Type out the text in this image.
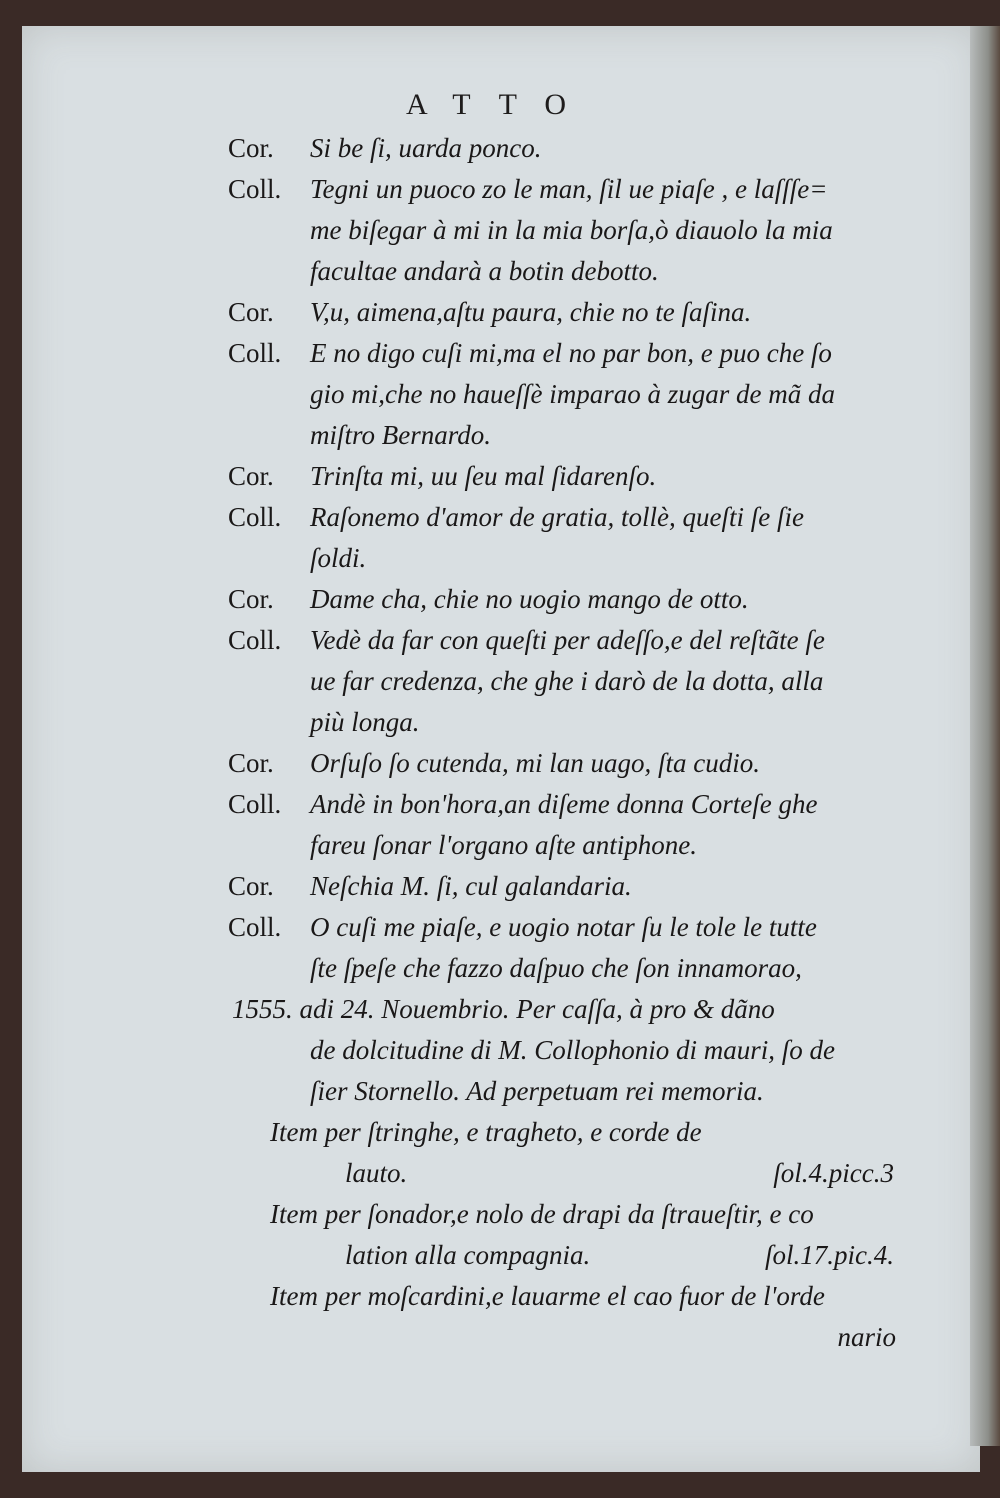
ATTO
Cor. Si be ſi, uarda ponco.
Coll. Tegni un puoco zo le man, ſil ue piaſe , e laſſſe=
me biſegar à mi in la mia borſa,ò diauolo la mia
facultae andarà a botin debotto.
Cor. V,u, aimena,aſtu paura, chie no te ſaſina.
Coll. E no digo cuſi mi,ma el no par bon, e puo che ſo
gio mi,che no haueſſè imparao à zugar de mã da
miſtro Bernardo.
Cor. Trinſta mi, uu ſeu mal ſidarenſo.
Coll. Raſonemo d'amor de gratia, tollè, queſti ſe ſie
ſoldi.
Cor. Dame cha, chie no uogio mango de otto.
Coll. Vedè da far con queſti per adeſſo,e del reſtãte ſe
ue far credenza, che ghe i darò de la dotta, alla
più longa.
Cor. Orſuſo ſo cutenda, mi lan uago, ſta cudio.
Coll. Andè in bon'hora,an diſeme donna Corteſe ghe
fareu ſonar l'organo aſte antiphone.
Cor. Neſchia M. ſi, cul galandaria.
Coll. O cuſi me piaſe, e uogio notar ſu le tole le tutte
ſte ſpeſe che fazzo daſpuo che ſon innamorao,
1555. adi 24. Nouembrio. Per caſſa, à pro & dãno
de dolcitudine di M. Collophonio di mauri, ſo de
ſier Stornello. Ad perpetuam rei memoria.
Item per ſtringhe, e tragheto, e corde de
lauto.	ſol.4.picc.3
Item per ſonador,e nolo de drapi da ſtraueſtir, e co
lation alla compagnia.	ſol.17.pic.4.
Item per moſcardini,e lauarme el cao fuor de l'orde
nario
